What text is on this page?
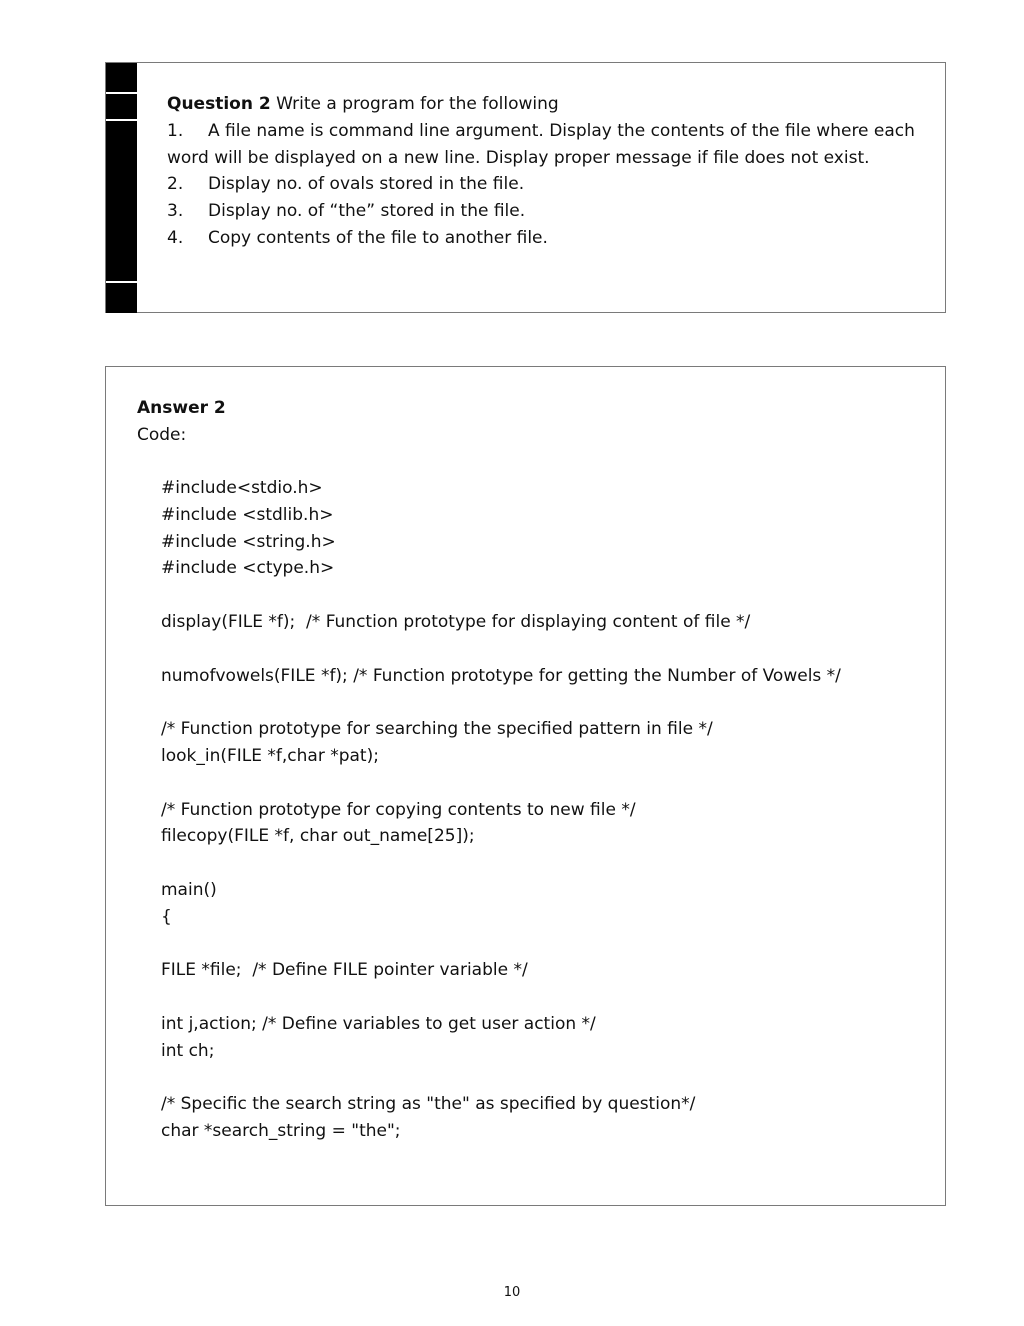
Question 2 Write a program for the following
1. A file name is command line argument. Display the contents of the file where each word will be displayed on a new line. Display proper message if file does not exist.
2. Display no. of ovals stored in the file.
3. Display no. of “the” stored in the file.
4. Copy contents of the file to another file.
Answer 2
Code:
#include<stdio.h>
#include <stdlib.h>
#include <string.h>
#include <ctype.h>
display(FILE *f);  /* Function prototype for displaying content of file */
numofvowels(FILE *f); /* Function prototype for getting the Number of Vowels */
/* Function prototype for searching the specified pattern in file */
look_in(FILE *f,char *pat);
/* Function prototype for copying contents to new file */
filecopy(FILE *f, char out_name[25]);
main()
{
FILE *file;  /* Define FILE pointer variable */
int j,action; /* Define variables to get user action */
int ch;
/* Specific the search string as "the" as specified by question*/
char *search_string = "the";
10
